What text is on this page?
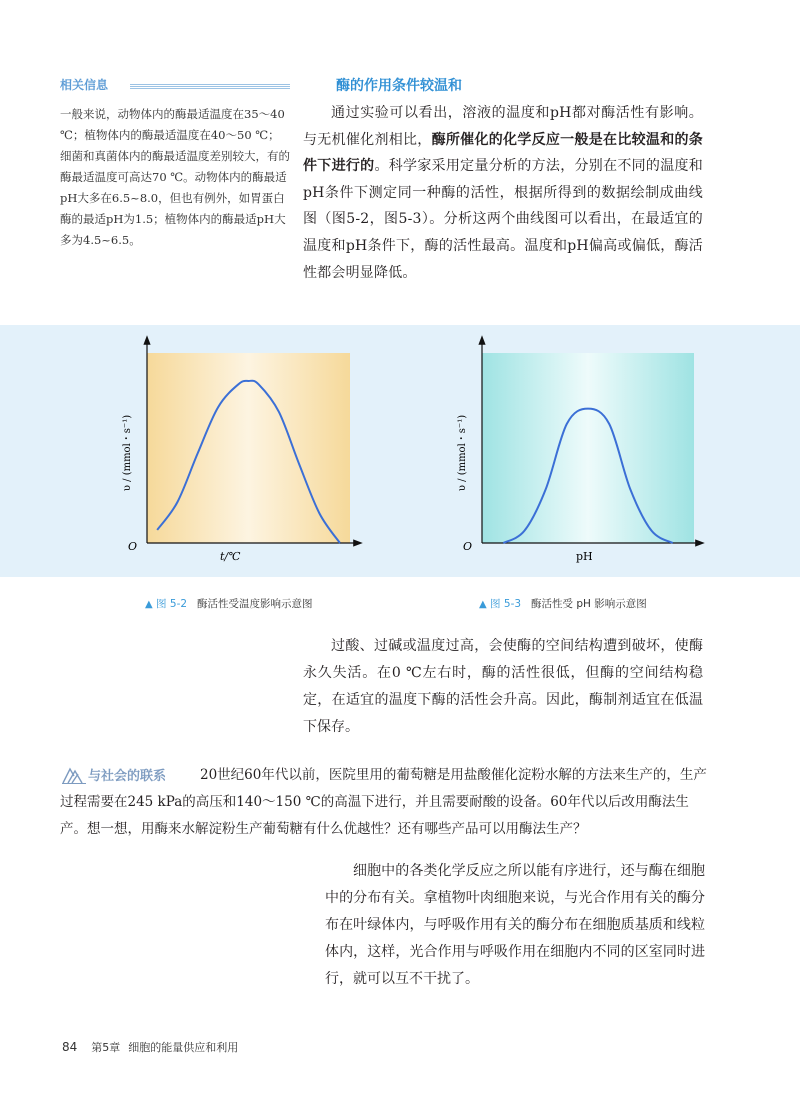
相关信息
一般来说，动物体内的酶最适温度在35～40 ℃；植物体内的酶最适温度在40～50 ℃；细菌和真菌体内的酶最适温度差别较大，有的酶最适温度可高达70 ℃。动物体内的酶最适pH大多在6.5~8.0，但也有例外，如胃蛋白酶的最适pH为1.5；植物体内的酶最适pH大多为4.5~6.5。
酶的作用条件较温和
通过实验可以看出，溶液的温度和pH都对酶活性有影响。与无机催化剂相比，酶所催化的化学反应一般是在比较温和的条件下进行的。科学家采用定量分析的方法，分别在不同的温度和pH条件下测定同一种酶的活性，根据所得到的数据绘制成曲线图（图5-2，图5-3）。分析这两个曲线图可以看出，在最适宜的温度和pH条件下，酶的活性最高。温度和pH偏高或偏低，酶活性都会明显降低。
O
t/℃
υ / (mmol・s⁻¹)
O
pH
υ / (mmol・s⁻¹)
▲ 图 5-2 酶活性受温度影响示意图	▲ 图 5-3 酶活性受 pH 影响示意图
过酸、过碱或温度过高，会使酶的空间结构遭到破坏，使酶永久失活。在0 ℃左右时，酶的活性很低，但酶的空间结构稳定，在适宜的温度下酶的活性会升高。因此，酶制剂适宜在低温下保存。
与社会的联系	20世纪60年代以前，医院里用的葡萄糖是用盐酸催化淀粉水解的方法来生产的，生产过程需要在245 kPa的高压和140～150 ℃的高温下进行，并且需要耐酸的设备。60年代以后改用酶法生产。想一想，用酶来水解淀粉生产葡萄糖有什么优越性？还有哪些产品可以用酶法生产？
细胞中的各类化学反应之所以能有序进行，还与酶在细胞中的分布有关。拿植物叶肉细胞来说，与光合作用有关的酶分布在叶绿体内，与呼吸作用有关的酶分布在细胞质基质和线粒体内，这样，光合作用与呼吸作用在细胞内不同的区室同时进行，就可以互不干扰了。
84 第5章 细胞的能量供应和利用
